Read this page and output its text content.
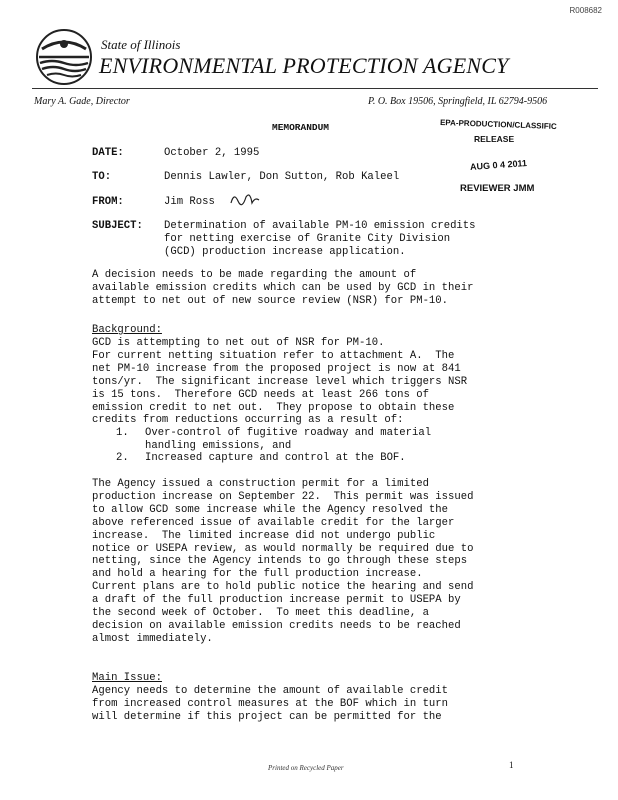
R008682
State of Illinois
ENVIRONMENTAL PROTECTION AGENCY
Mary A. Gade, Director	P. O. Box 19506, Springfield, IL 62794-9506
MEMORANDUM	EPA-PRODUCTION/CLASSIFIC
RELEASE
AUG 0 4 2011
REVIEWER JMM
DATE:	October 2, 1995
TO:	Dennis Lawler, Don Sutton, Rob Kaleel
FROM:	Jim Ross
SUBJECT: Determination of available PM-10 emission credits
for netting exercise of Granite City Division
(GCD) production increase application.
A decision needs to be made regarding the amount of
available emission credits which can be used by GCD in their
attempt to net out of new source review (NSR) for PM-10.
Background:
GCD is attempting to net out of NSR for PM-10.
For current netting situation refer to attachment A.  The
net PM-10 increase from the proposed project is now at 841
tons/yr.  The significant increase level which triggers NSR
is 15 tons.  Therefore GCD needs at least 266 tons of
emission credit to net out.  They propose to obtain these
credits from reductions occurring as a result of:
1. Over-control of fugitive roadway and material
handling emissions, and
2. Increased capture and control at the BOF.
The Agency issued a construction permit for a limited
production increase on September 22.  This permit was issued
to allow GCD some increase while the Agency resolved the
above referenced issue of available credit for the larger
increase.  The limited increase did not undergo public
notice or USEPA review, as would normally be required due to
netting, since the Agency intends to go through these steps
and hold a hearing for the full production increase.
Current plans are to hold public notice the hearing and send
a draft of the full production increase permit to USEPA by
the second week of October.  To meet this deadline, a
decision on available emission credits needs to be reached
almost immediately.
Main Issue:
Agency needs to determine the amount of available credit
from increased control measures at the BOF which in turn
will determine if this project can be permitted for the
Printed on Recycled Paper	1
